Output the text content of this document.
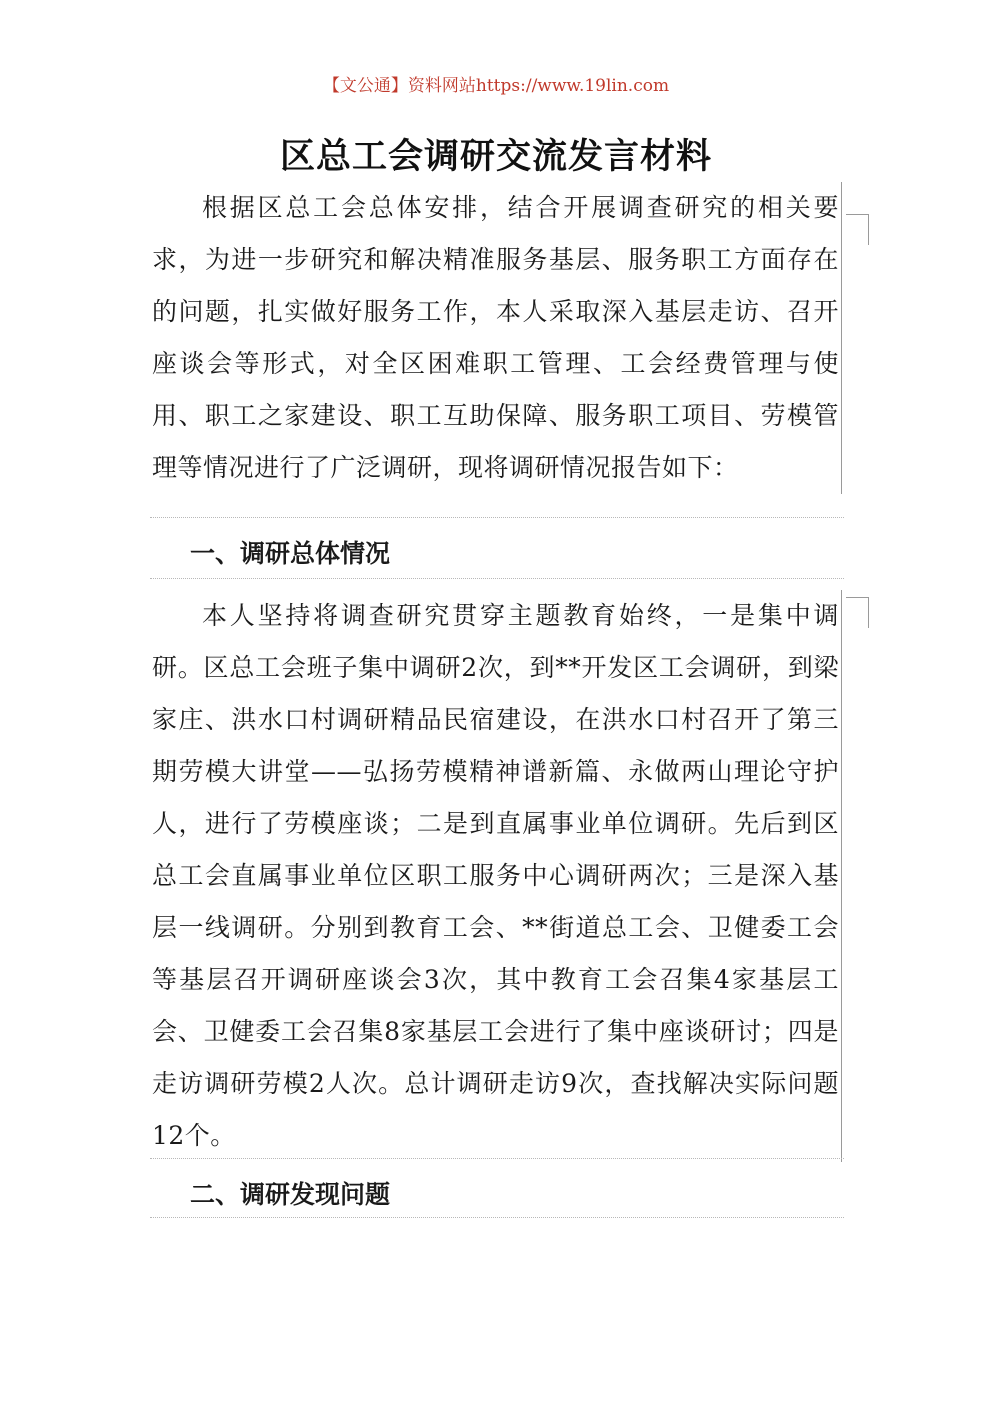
【文公通】资料网站https://www.19lin.com
区总工会调研交流发言材料

根据区总工会总体安排，结合开展调查研究的相关要求，为进一步研究和解决精准服务基层、服务职工方面存在的问题，扎实做好服务工作，本人采取深入基层走访、召开座谈会等形式，对全区困难职工管理、工会经费管理与使用、职工之家建设、职工互助保障、服务职工项目、劳模管理等情况进行了广泛调研，现将调研情况报告如下：

一、调研总体情况

本人坚持将调查研究贯穿主题教育始终，一是集中调研。区总工会班子集中调研2次，到**开发区工会调研，到梁家庄、洪水口村调研精品民宿建设，在洪水口村召开了第三期劳模大讲堂——弘扬劳模精神谱新篇、永做两山理论守护人，进行了劳模座谈；二是到直属事业单位调研。先后到区总工会直属事业单位区职工服务中心调研两次；三是深入基层一线调研。分别到教育工会、**街道总工会、卫健委工会等基层召开调研座谈会3次，其中教育工会召集4家基层工会、卫健委工会召集8家基层工会进行了集中座谈研讨；四是走访调研劳模2人次。总计调研走访9次，查找解决实际问题12个。

二、调研发现问题
